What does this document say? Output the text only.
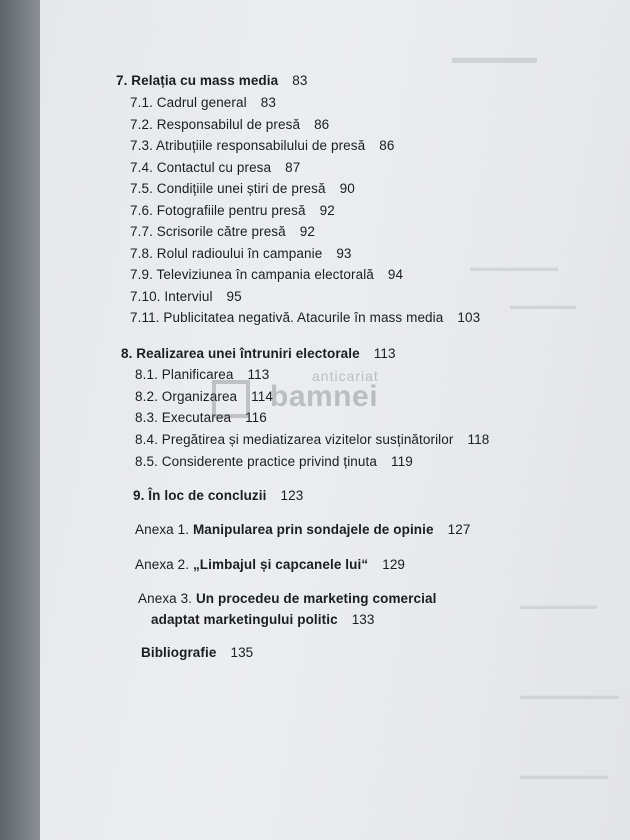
▬▬▬▬▬
▬▬▬▬▬▬▬▬
▬▬▬▬▬▬
▬▬▬▬▬▬▬
▬▬▬▬▬▬▬▬▬
▬▬▬▬▬▬▬▬
7. Relația cu mass media 83
7.1. Cadrul general 83
7.2. Responsabilul de presă 86
7.3. Atribuțiile responsabilului de presă 86
7.4. Contactul cu presa 87
7.5. Condițiile unei știri de presă 90
7.6. Fotografiile pentru presă 92
7.7. Scrisorile către presă 92
7.8. Rolul radioului în campanie 93
7.9. Televiziunea în campania electorală 94
7.10. Interviul 95
7.11. Publicitatea negativă. Atacurile în mass media 103
8. Realizarea unei întruniri electorale 113
8.1. Planificarea 113
8.2. Organizarea 114
8.3. Executarea 116
8.4. Pregătirea și mediatizarea vizitelor susținătorilor 118
8.5. Considerente practice privind ținuta 119
9. În loc de concluzii 123
Anexa 1. Manipularea prin sondajele de opinie 127
Anexa 2. „Limbajul și capcanele lui“ 129
Anexa 3. Un procedeu de marketing comercial
adaptat marketingului politic 133
Bibliografie 135
anticariat
bamnei
